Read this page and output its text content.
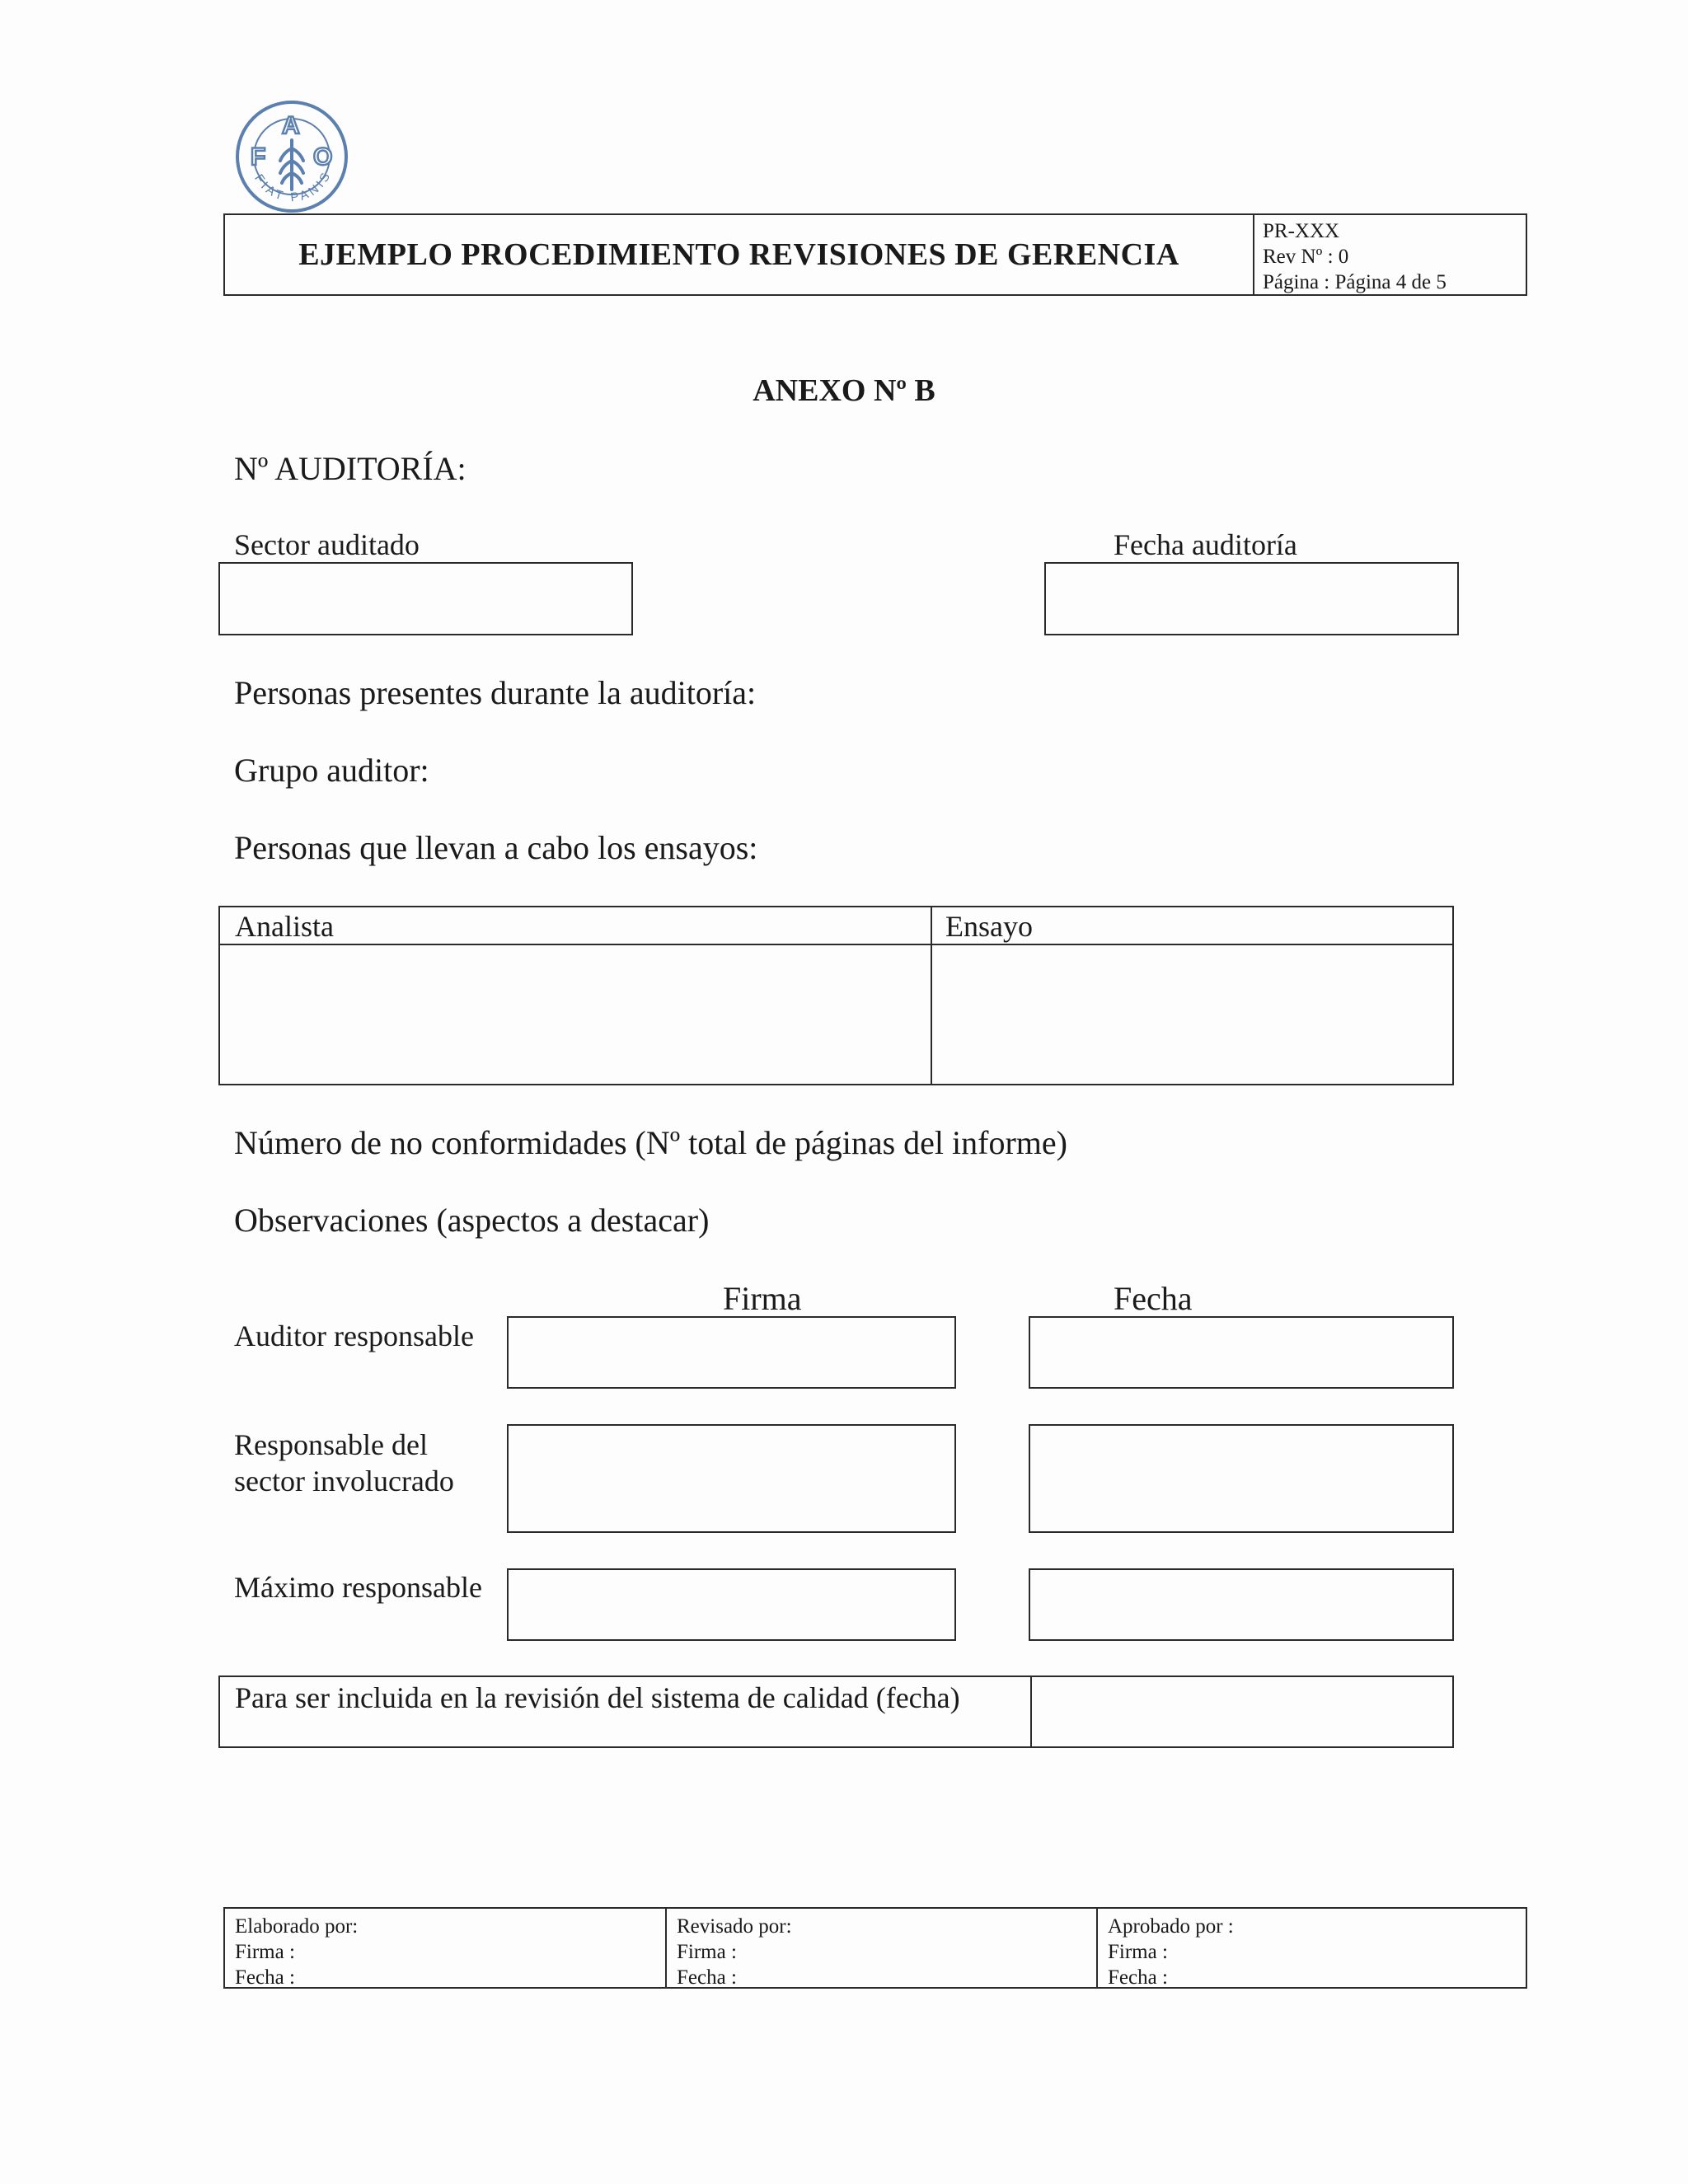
F
A
O
FIAT PANIS
EJEMPLO PROCEDIMIENTO REVISIONES DE GERENCIA
PR-XXX
Rev Nº : 0
Página : Página 4 de 5
ANEXO Nº B
Nº AUDITORÍA:
Sector auditado	Fecha auditoría
Personas presentes durante la auditoría:
Grupo auditor:
Personas que llevan a cabo los ensayos:
Analista	Ensayo
Número de no conformidades (Nº total de páginas del informe)
Observaciones (aspectos a destacar)
Firma	Fecha
Auditor responsable
Responsable del
sector involucrado
Máximo responsable
Para ser incluida en la revisión del sistema de calidad (fecha)
Elaborado por:
Firma :
Fecha :
Revisado por:
Firma :
Fecha :
Aprobado por :
Firma :
Fecha :
